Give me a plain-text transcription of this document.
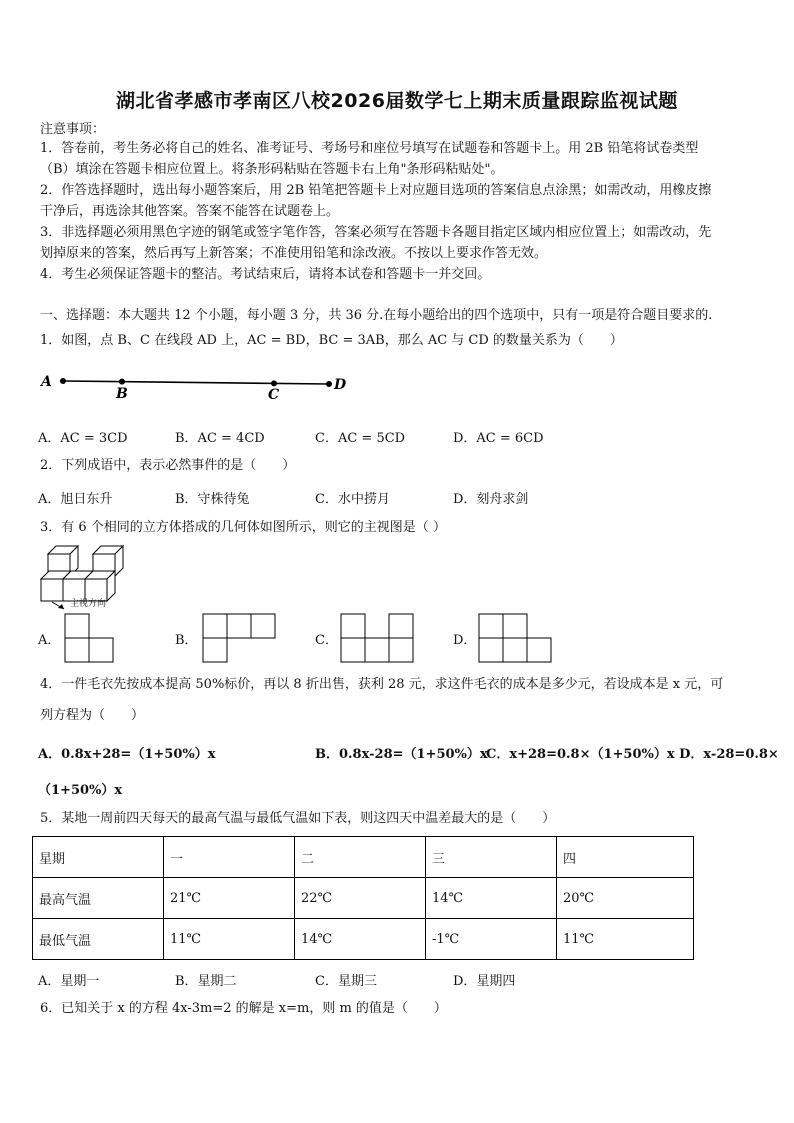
湖北省孝感市孝南区八校2026届数学七上期末质量跟踪监视试题
注意事项：
1．答卷前，考生务必将自己的姓名、准考证号、考场号和座位号填写在试题卷和答题卡上。用 2B 铅笔将试卷类型
（B）填涂在答题卡相应位置上。将条形码粘贴在答题卡右上角"条形码粘贴处"。
2．作答选择题时，选出每小题答案后，用 2B 铅笔把答题卡上对应题目选项的答案信息点涂黑；如需改动，用橡皮擦
干净后，再选涂其他答案。答案不能答在试题卷上。
3．非选择题必须用黑色字迹的钢笔或签字笔作答，答案必须写在答题卡各题目指定区域内相应位置上；如需改动，先
划掉原来的答案，然后再写上新答案；不准使用铅笔和涂改液。不按以上要求作答无效。
4．考生必须保证答题卡的整洁。考试结束后，请将本试卷和答题卡一并交回。
一、选择题：本大题共 12 个小题，每小题 3 分，共 36 分.在每小题给出的四个选项中，只有一项是符合题目要求的.
1．如图，点 B、C 在线段 AD 上，AC = BD，BC = 3AB，那么 AC 与 CD 的数量关系为（　　）
A
B	C
D
A．AC = 3CD	B．AC = 4CD	C．AC = 5CD	D．AC = 6CD
2．下列成语中，表示必然事件的是（　　）
A．旭日东升	B．守株待兔	C．水中捞月	D．刻舟求剑
3．有 6 个相同的立方体搭成的几何体如图所示，则它的主视图是（ ）
主视方向
A．	B．	C．	D．
4．一件毛衣先按成本提高 50%标价，再以 8 折出售，获利 28 元，求这件毛衣的成本是多少元，若设成本是 x 元，可
列方程为（　　）
A．0.8x+28=（1+50%）x	B．0.8x-28=（1+50%）x
C．x+28=0.8×（1+50%）x D．x-28=0.8×
（1+50%）x
5．某地一周前四天每天的最高气温与最低气温如下表，则这四天中温差最大的是（　　）
星期	一	二	三	四
最高气温	21℃	22℃	14℃	20℃
最低气温	11℃	14℃	-1℃	11℃
A．星期一	B．星期二	C．星期三	D．星期四
6．已知关于 x 的方程 4x-3m=2 的解是 x=m，则 m 的值是（　　）
